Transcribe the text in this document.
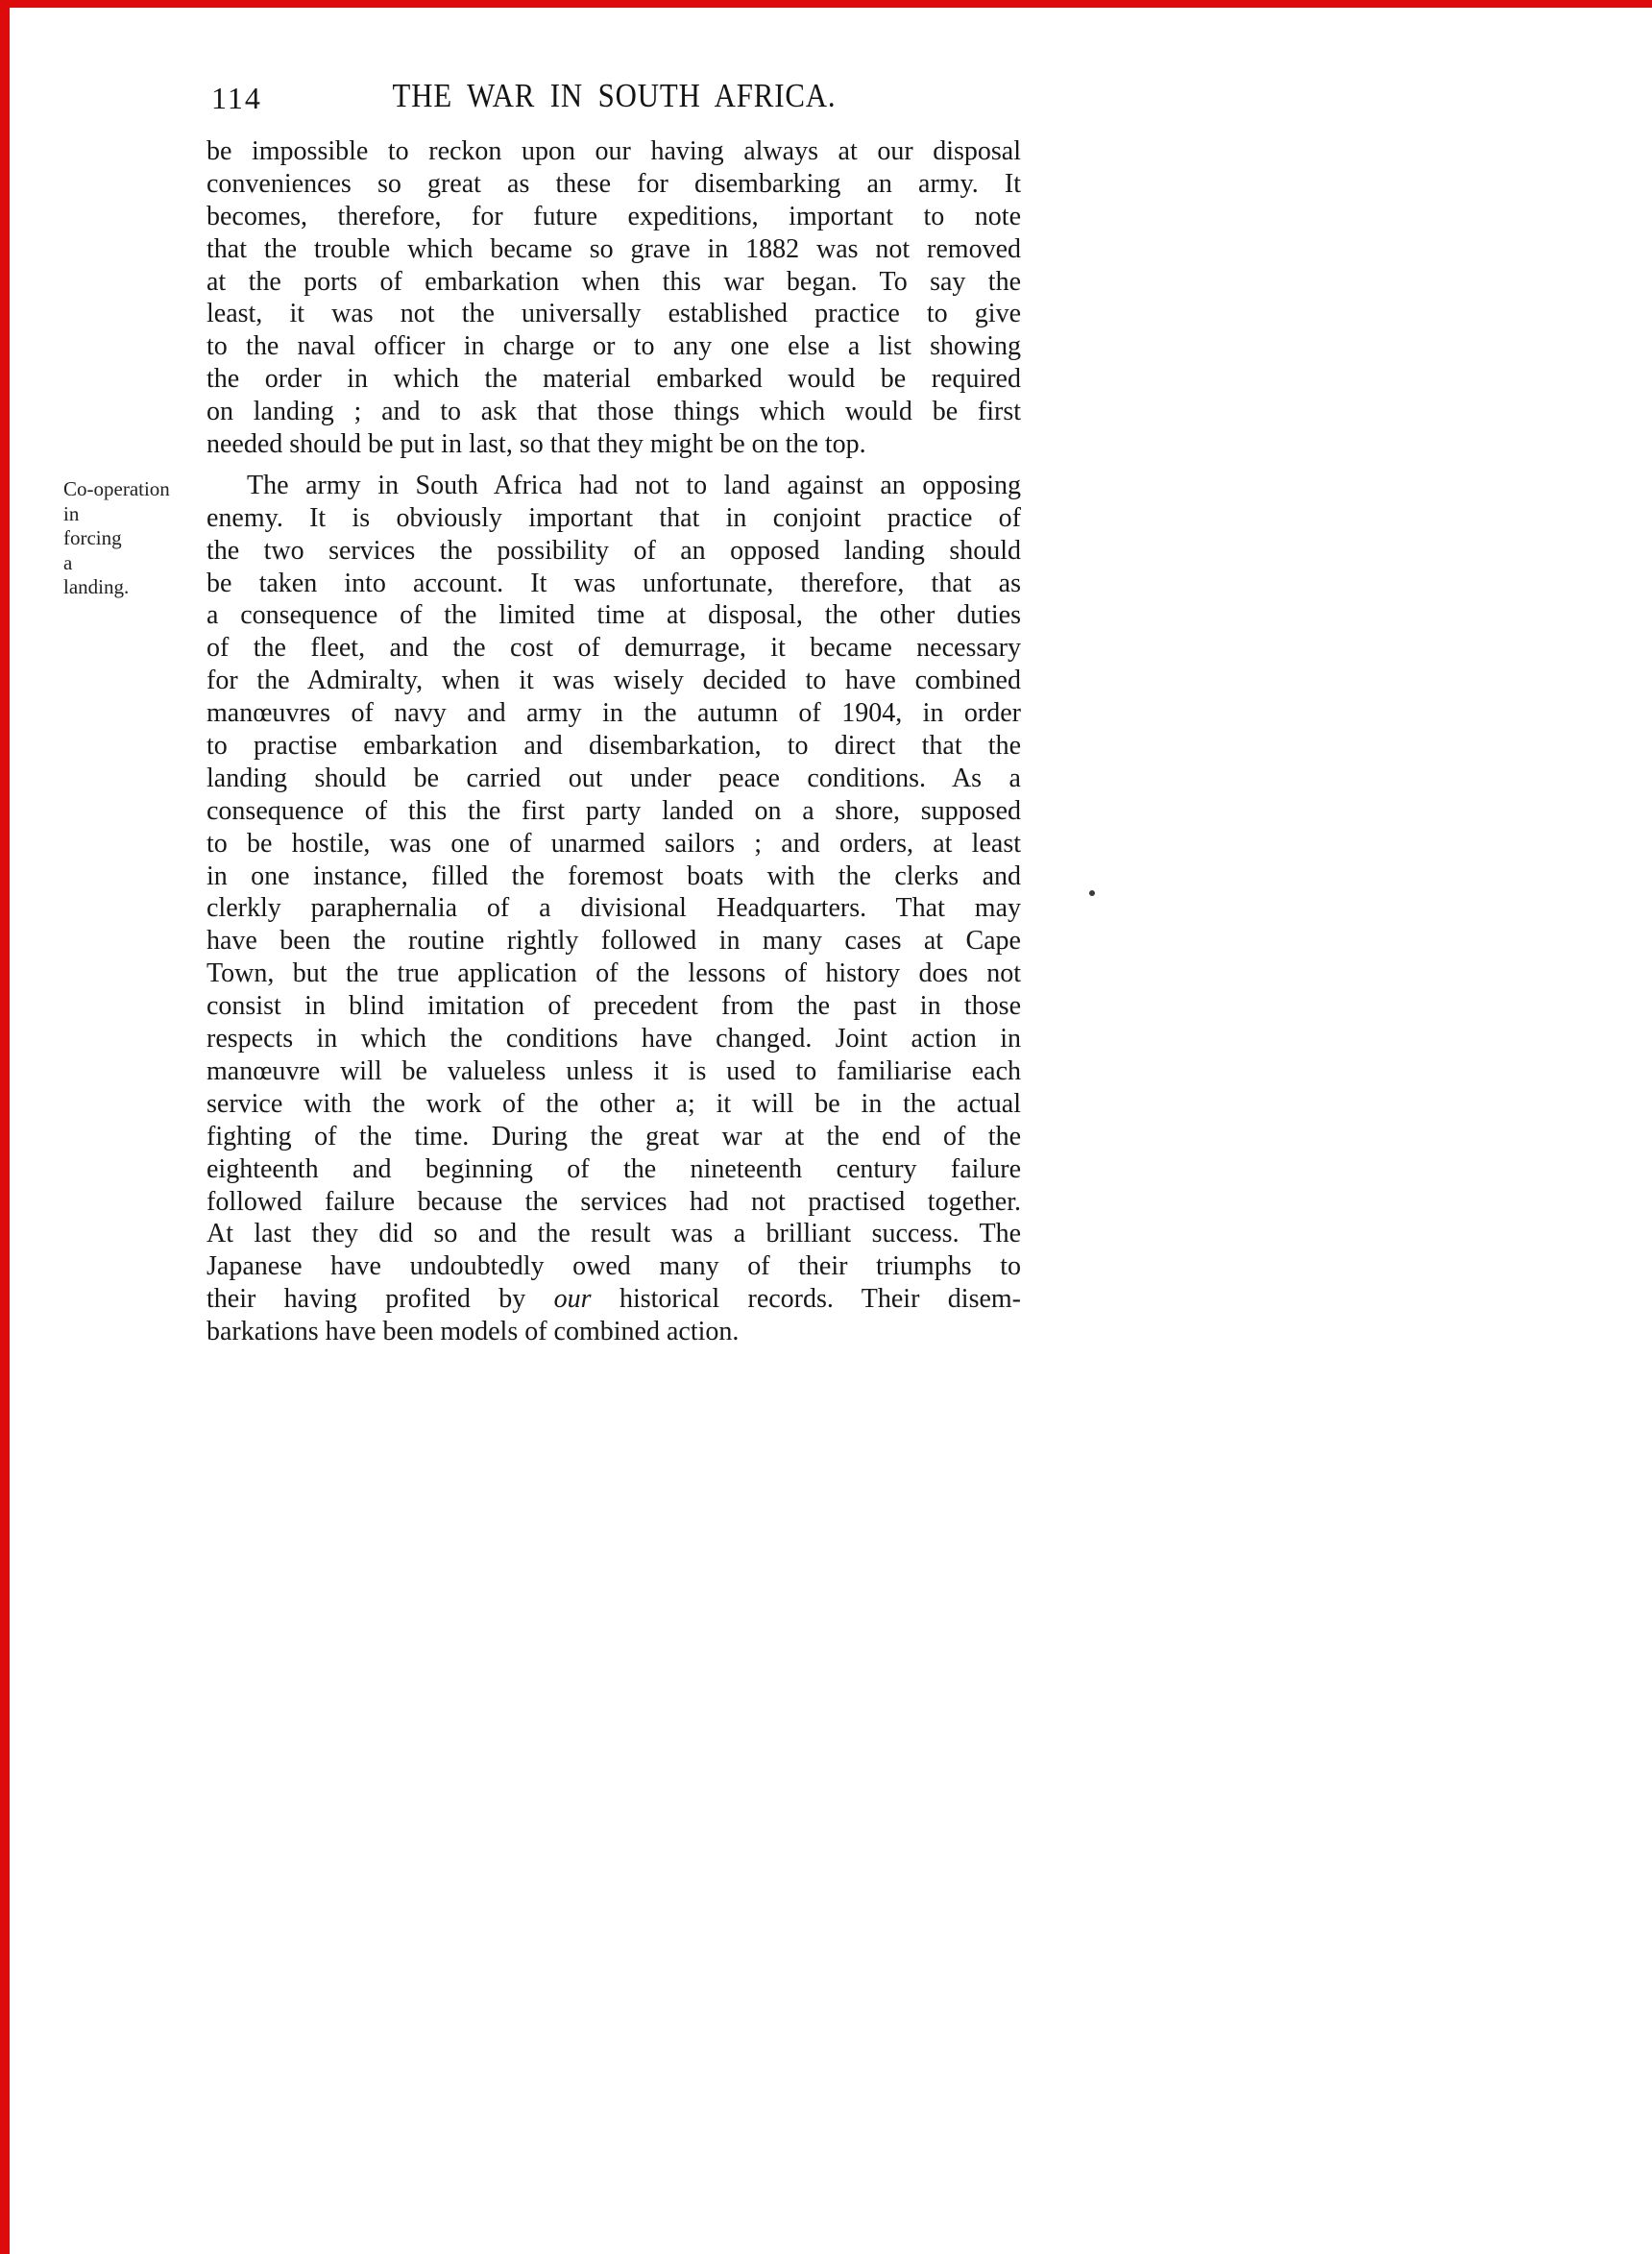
114	THE WAR IN SOUTH AFRICA.
Co-operation
in
forcing
a
landing.
be impossible to reckon upon our having always at our disposal
conveniences so great as these for disembarking an army. It
becomes, therefore, for future expeditions, important to note
that the trouble which became so grave in 1882 was not removed
at the ports of embarkation when this war began. To say the
least, it was not the universally established practice to give
to the naval officer in charge or to any one else a list showing
the order in which the material embarked would be required
on landing ; and to ask that those things which would be first
needed should be put in last, so that they might be on the top.
The army in South Africa had not to land against an opposing
enemy. It is obviously important that in conjoint practice of
the two services the possibility of an opposed landing should
be taken into account. It was unfortunate, therefore, that as
a consequence of the limited time at disposal, the other duties
of the fleet, and the cost of demurrage, it became necessary
for the Admiralty, when it was wisely decided to have combined
manœuvres of navy and army in the autumn of 1904, in order
to practise embarkation and disembarkation, to direct that the
landing should be carried out under peace conditions. As a
consequence of this the first party landed on a shore, supposed
to be hostile, was one of unarmed sailors ; and orders, at least
in one instance, filled the foremost boats with the clerks and
clerkly paraphernalia of a divisional Headquarters. That may
have been the routine rightly followed in many cases at Cape
Town, but the true application of the lessons of history does not
consist in blind imitation of precedent from the past in those
respects in which the conditions have changed. Joint action in
manœuvre will be valueless unless it is used to familiarise each
service with the work of the other a; it will be in the actual
fighting of the time. During the great war at the end of the
eighteenth and beginning of the nineteenth century failure
followed failure because the services had not practised together.
At last they did so and the result was a brilliant success. The
Japanese have undoubtedly owed many of their triumphs to
their having profited by our historical records. Their disem-
barkations have been models of combined action.
